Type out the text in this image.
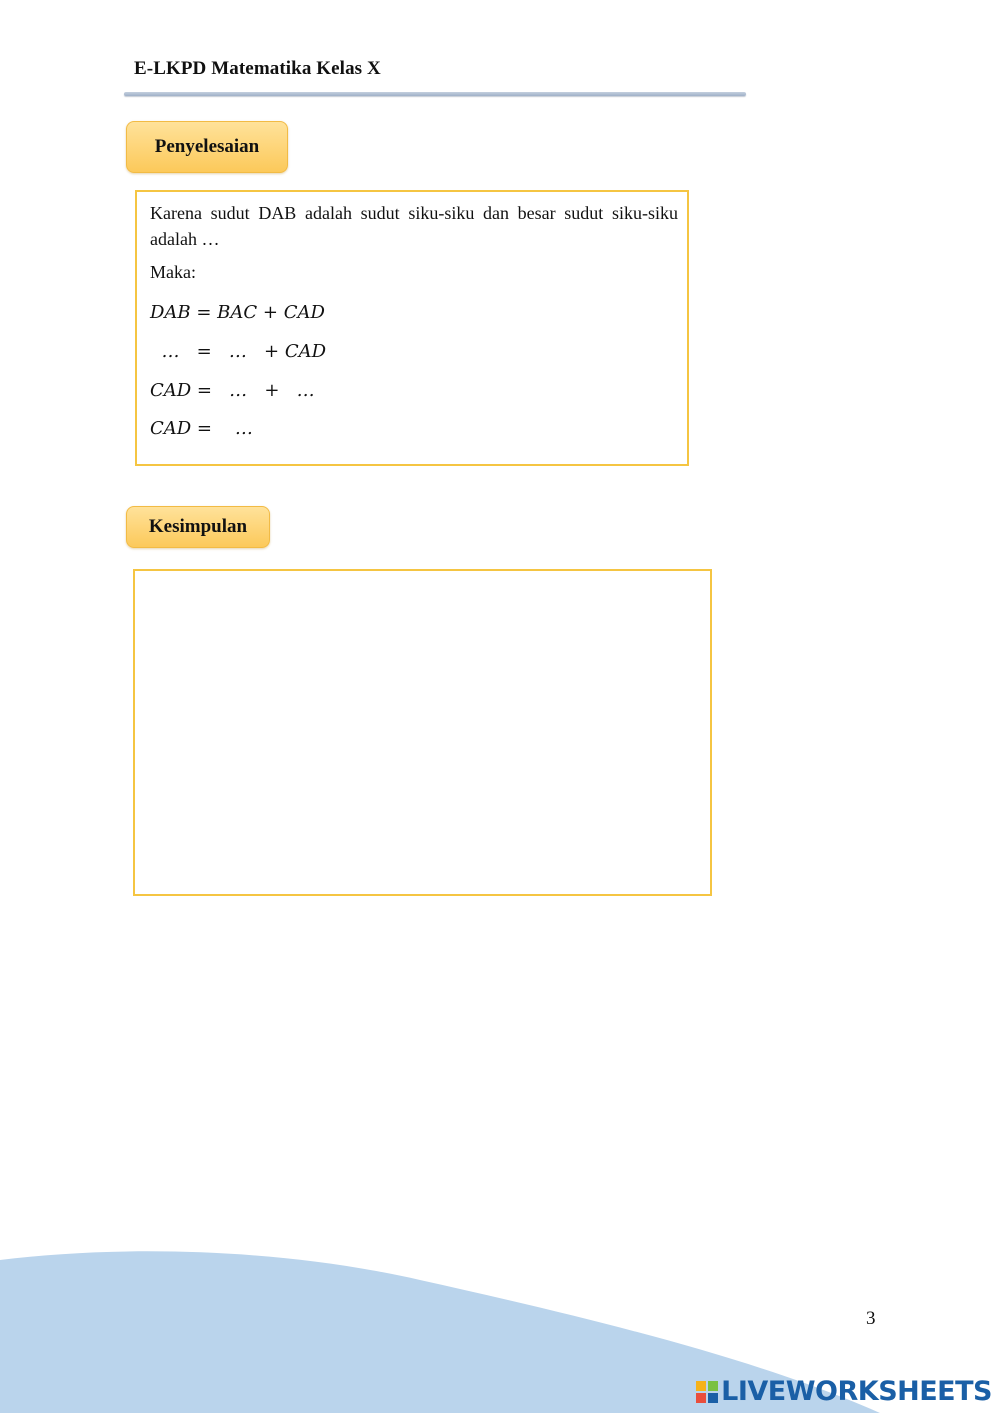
E-LKPD Matematika Kelas X
Penyelesaian
Karena sudut DAB adalah sudut siku-siku dan besar sudut siku-siku adalah …
Maka:
DAB = BAC + CAD
…   =   …   + CAD
CAD =   …   +   …
CAD =    …
Kesimpulan
3
LIVEWORKSHEETS
